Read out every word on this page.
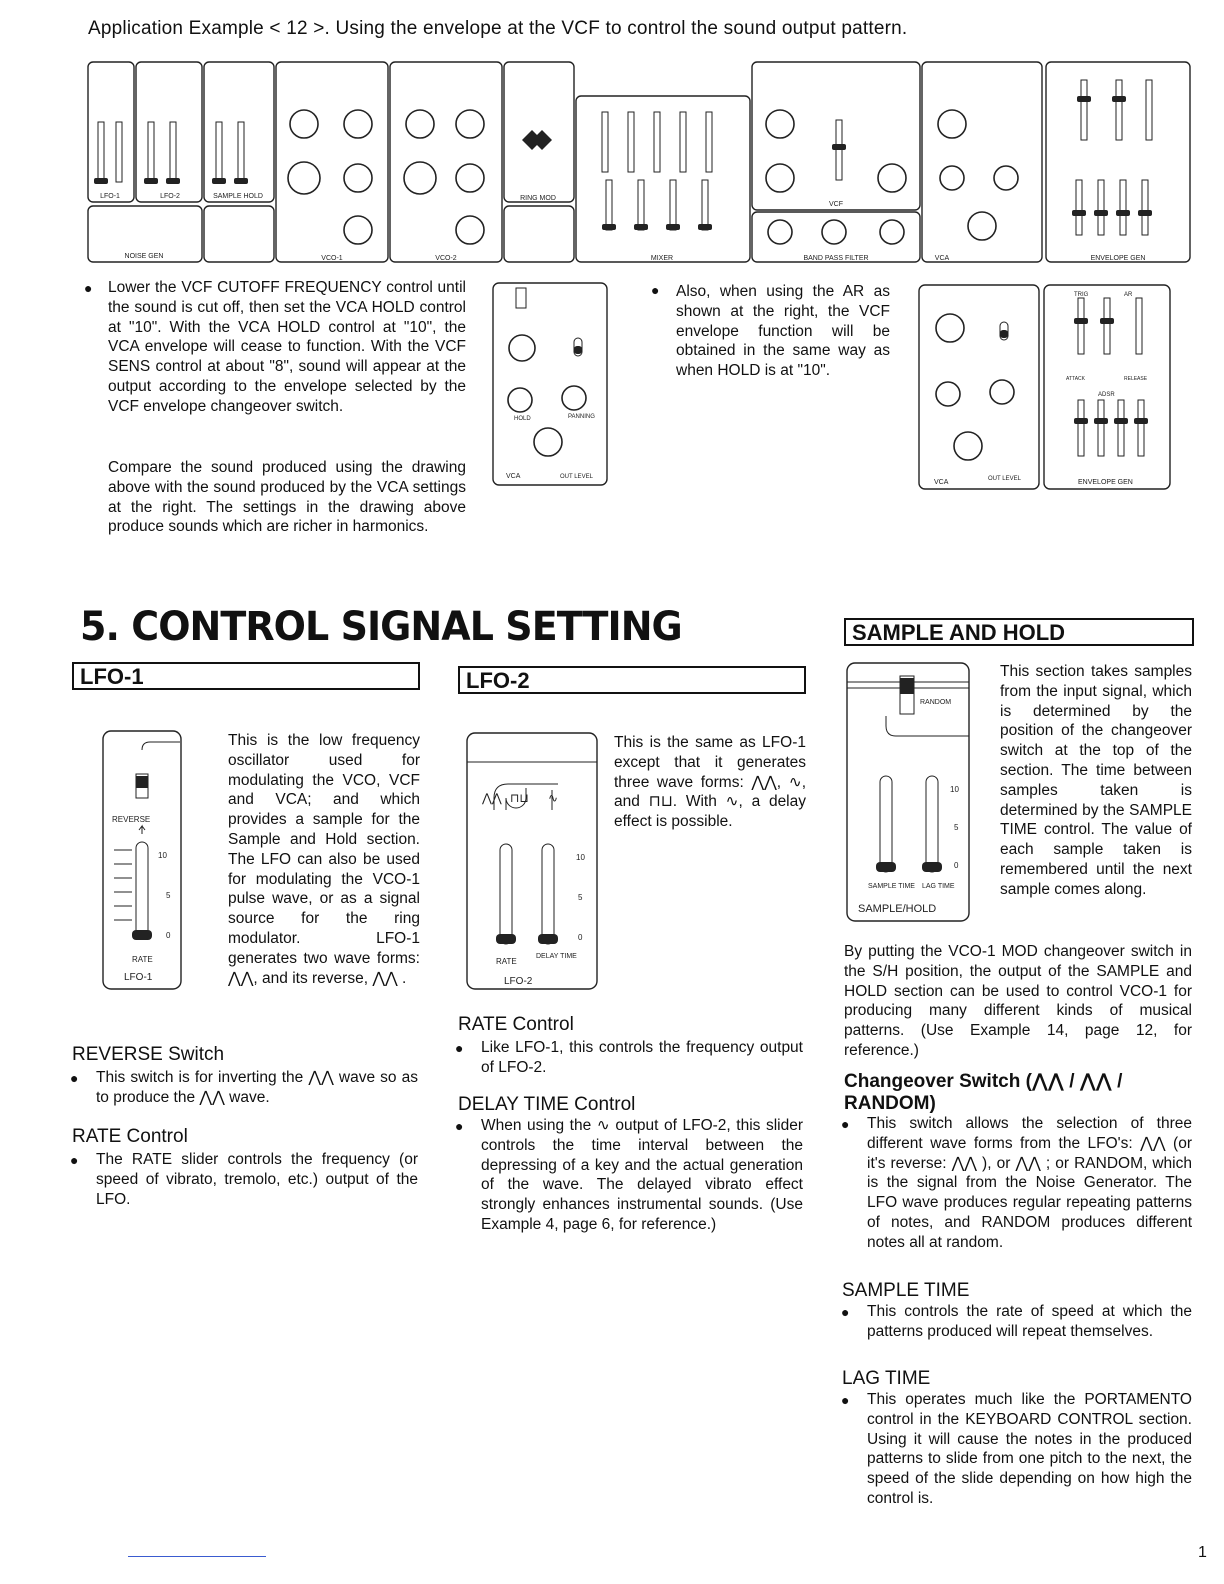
Application Example < 12 >. Using the envelope at the VCF to control the sound output pattern.
LFO-1	LFO-2	SAMPLE HOLD
NOISE GEN	VCO-1	VCO-2
RING MOD
MIXER
VCF
BAND PASS FILTER	VCA	ENVELOPE GEN
● Lower the VCF CUTOFF FREQUENCY control until the sound is cut off, then set the VCA HOLD control at "10". With the VCA HOLD control at "10", the VCA envelope will cease to function. With the VCF SENS control at about "8", sound will appear at the output according to the envelope selected by the VCF envelope changeover switch.
Compare the sound produced using the drawing above with the sound produced by the VCA settings at the right. The settings in the drawing above produce sounds which are richer in harmonics.
VCA	OUT LEVEL
HOLD	PANNING
● Also, when using the AR as shown at the right, the VCF envelope function will be obtained in the same way as when HOLD is at "10".
VCA	OUT LEVEL
TRIG	AR
ADSR
ATTACK	RELEASE
ENVELOPE GEN
5. CONTROL SIGNAL SETTING	SAMPLE AND HOLD
LFO-1
REVERSE
10
5
0
RATE
LFO-1
This is the low frequency oscillator used for modulating the VCO, VCF and VCA; and which provides a sample for the Sample and Hold section. The LFO can also be used for modulating the VCO-1 pulse wave, or as a signal source for the ring modulator. LFO-1 generates two wave forms: ⋀⋀, and its reverse, ⋀⋀ .
REVERSE Switch
● This switch is for inverting the ⋀⋀ wave so as to produce the ⋀⋀ wave.
RATE Control
● The RATE slider controls the frequency (or speed of vibrato, tremolo, etc.) output of the LFO.
LFO-2
⋀⋀ ⊓⊔ ∿
10
5
0
RATE
DELAY TIME
LFO-2
This is the same as LFO-1 except that it generates three wave forms: ⋀⋀, ∿, and ⊓⊔. With ∿, a delay effect is possible.
RATE Control
● Like LFO-1, this controls the frequency output of LFO-2.
DELAY TIME Control
● When using the ∿ output of LFO-2, this slider controls the time interval between the depressing of a key and the actual generation of the wave. The delayed vibrato effect strongly enhances instrumental sounds. (Use Example 4, page 6, for reference.)
RANDOM
10
5
0
SAMPLE TIME LAG TIME
SAMPLE/HOLD
This section takes samples from the input signal, which is determined by the position of the changeover switch at the top of the section. The time between samples taken is determined by the SAMPLE TIME control. The value of each sample taken is remembered until the next sample comes along.
By putting the VCO-1 MOD changeover switch in the S/H position, the output of the SAMPLE and HOLD section can be used to control VCO-1 for producing many different kinds of musical patterns. (Use Example 14, page 12, for reference.)
Changeover Switch (⋀⋀ / ⋀⋀ / RANDOM)
● This switch allows the selection of three different wave forms from the LFO's: ⋀⋀ (or it's reverse: ⋀⋀ ), or ⋀⋀ ; or RANDOM, which is the signal from the Noise Generator. The LFO wave produces regular repeating patterns of notes, and RANDOM produces different notes all at random.
SAMPLE TIME
● This controls the rate of speed at which the patterns produced will repeat themselves.
LAG TIME
● This operates much like the PORTAMENTO control in the KEYBOARD CONTROL section. Using it will cause the notes in the produced patterns to slide from one pitch to the next, the speed of the slide depending on how high the control is.
1
